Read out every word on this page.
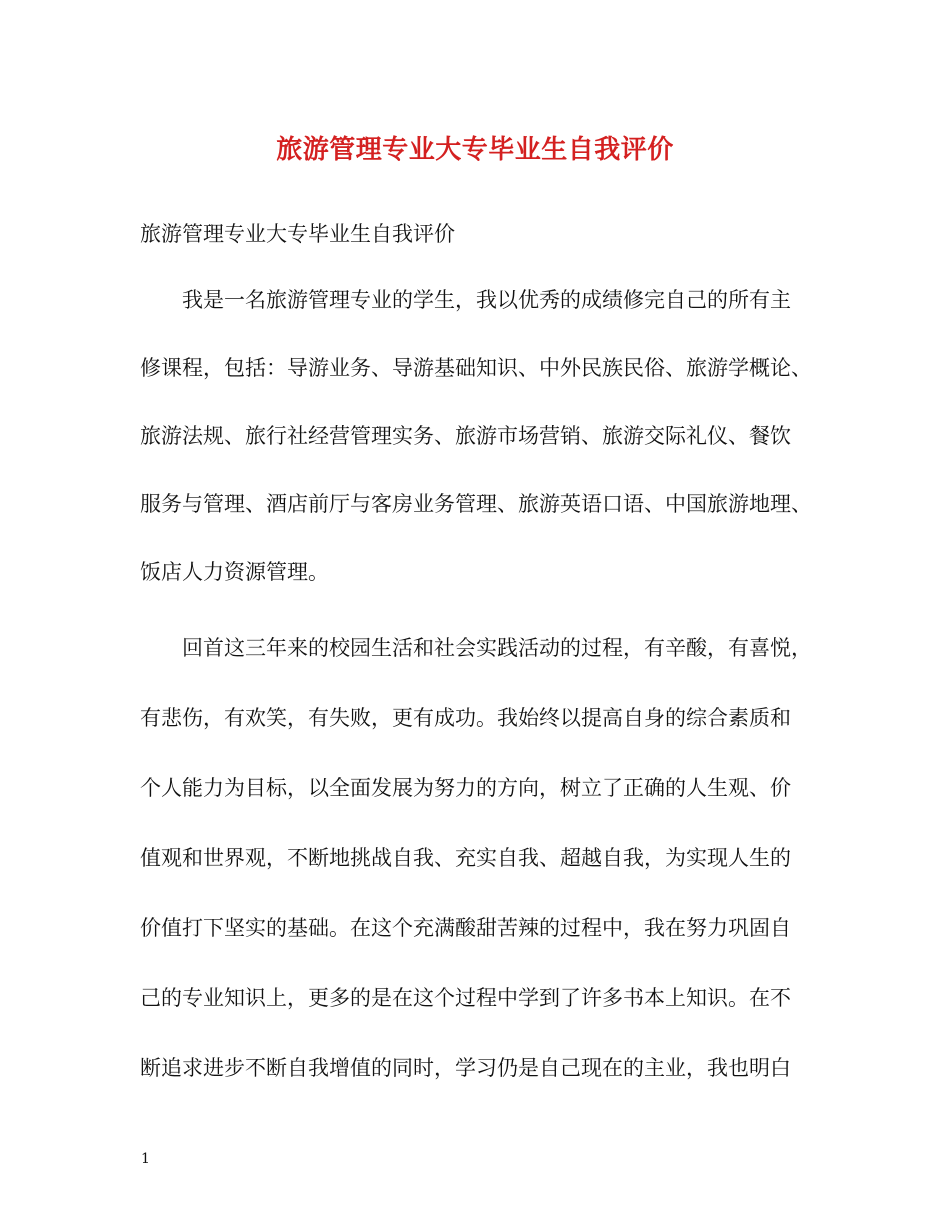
旅游管理专业大专毕业生自我评价
旅游管理专业大专毕业生自我评价
我是一名旅游管理专业的学生，我以优秀的成绩修完自己的所有主
修课程，包括：导游业务、导游基础知识、中外民族民俗、旅游学概论、
旅游法规、旅行社经营管理实务、旅游市场营销、旅游交际礼仪、餐饮
服务与管理、酒店前厅与客房业务管理、旅游英语口语、中国旅游地理、
饭店人力资源管理。
回首这三年来的校园生活和社会实践活动的过程，有辛酸，有喜悦，
有悲伤，有欢笑，有失败，更有成功。我始终以提高自身的综合素质和
个人能力为目标，以全面发展为努力的方向，树立了正确的人生观、价
值观和世界观，不断地挑战自我、充实自我、超越自我，为实现人生的
价值打下坚实的基础。在这个充满酸甜苦辣的过程中，我在努力巩固自
己的专业知识上，更多的是在这个过程中学到了许多书本上知识。在不
断追求进步不断自我增值的同时，学习仍是自己现在的主业，我也明白
1
